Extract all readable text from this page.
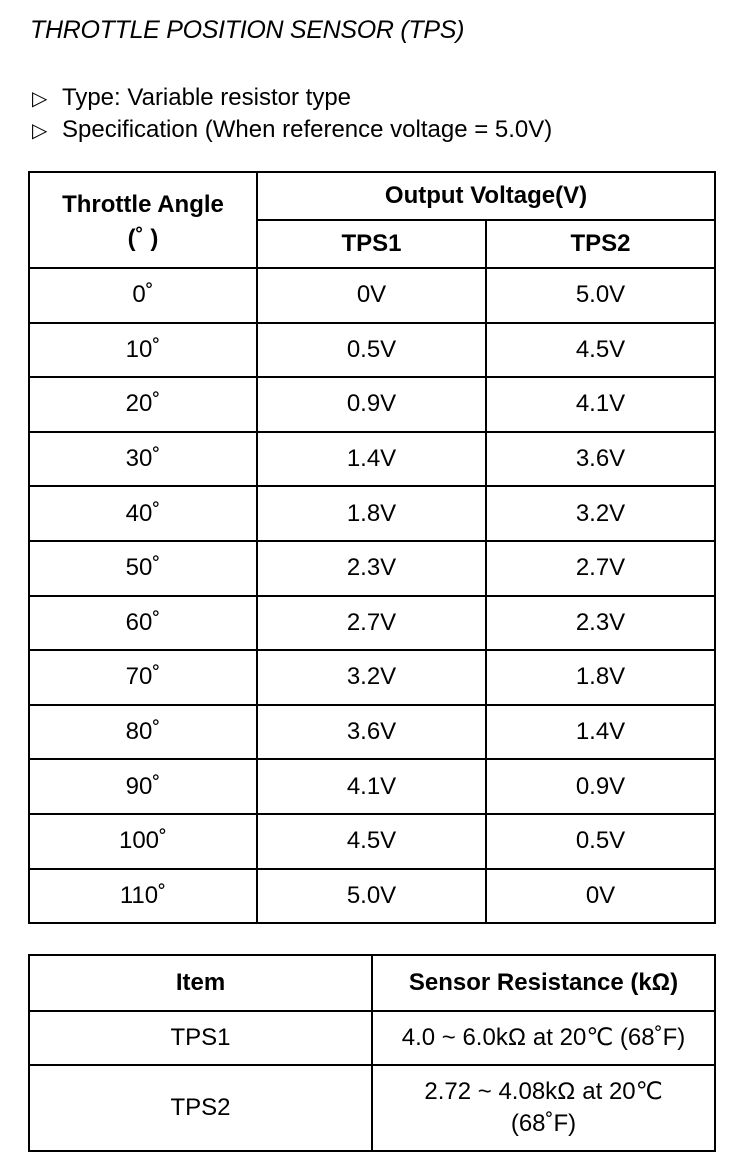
THROTTLE POSITION SENSOR (TPS)
▷ Type: Variable resistor type
▷ Specification (When reference voltage = 5.0V)
Throttle Angle
(˚ )	Output Voltage(V)	
	TPS1	TPS2
0˚	0V	5.0V
10˚	0.5V	4.5V
20˚	0.9V	4.1V
30˚	1.4V	3.6V
40˚	1.8V	3.2V
50˚	2.3V	2.7V
60˚	2.7V	2.3V
70˚	3.2V	1.8V
80˚	3.6V	1.4V
90˚	4.1V	0.9V
100˚	4.5V	0.5V
110˚	5.0V	0V
Item	Sensor Resistance (kΩ)
TPS1	4.0 ~ 6.0kΩ at 20℃ (68˚F)
TPS2	2.72 ~ 4.08kΩ at 20℃
(68˚F)
